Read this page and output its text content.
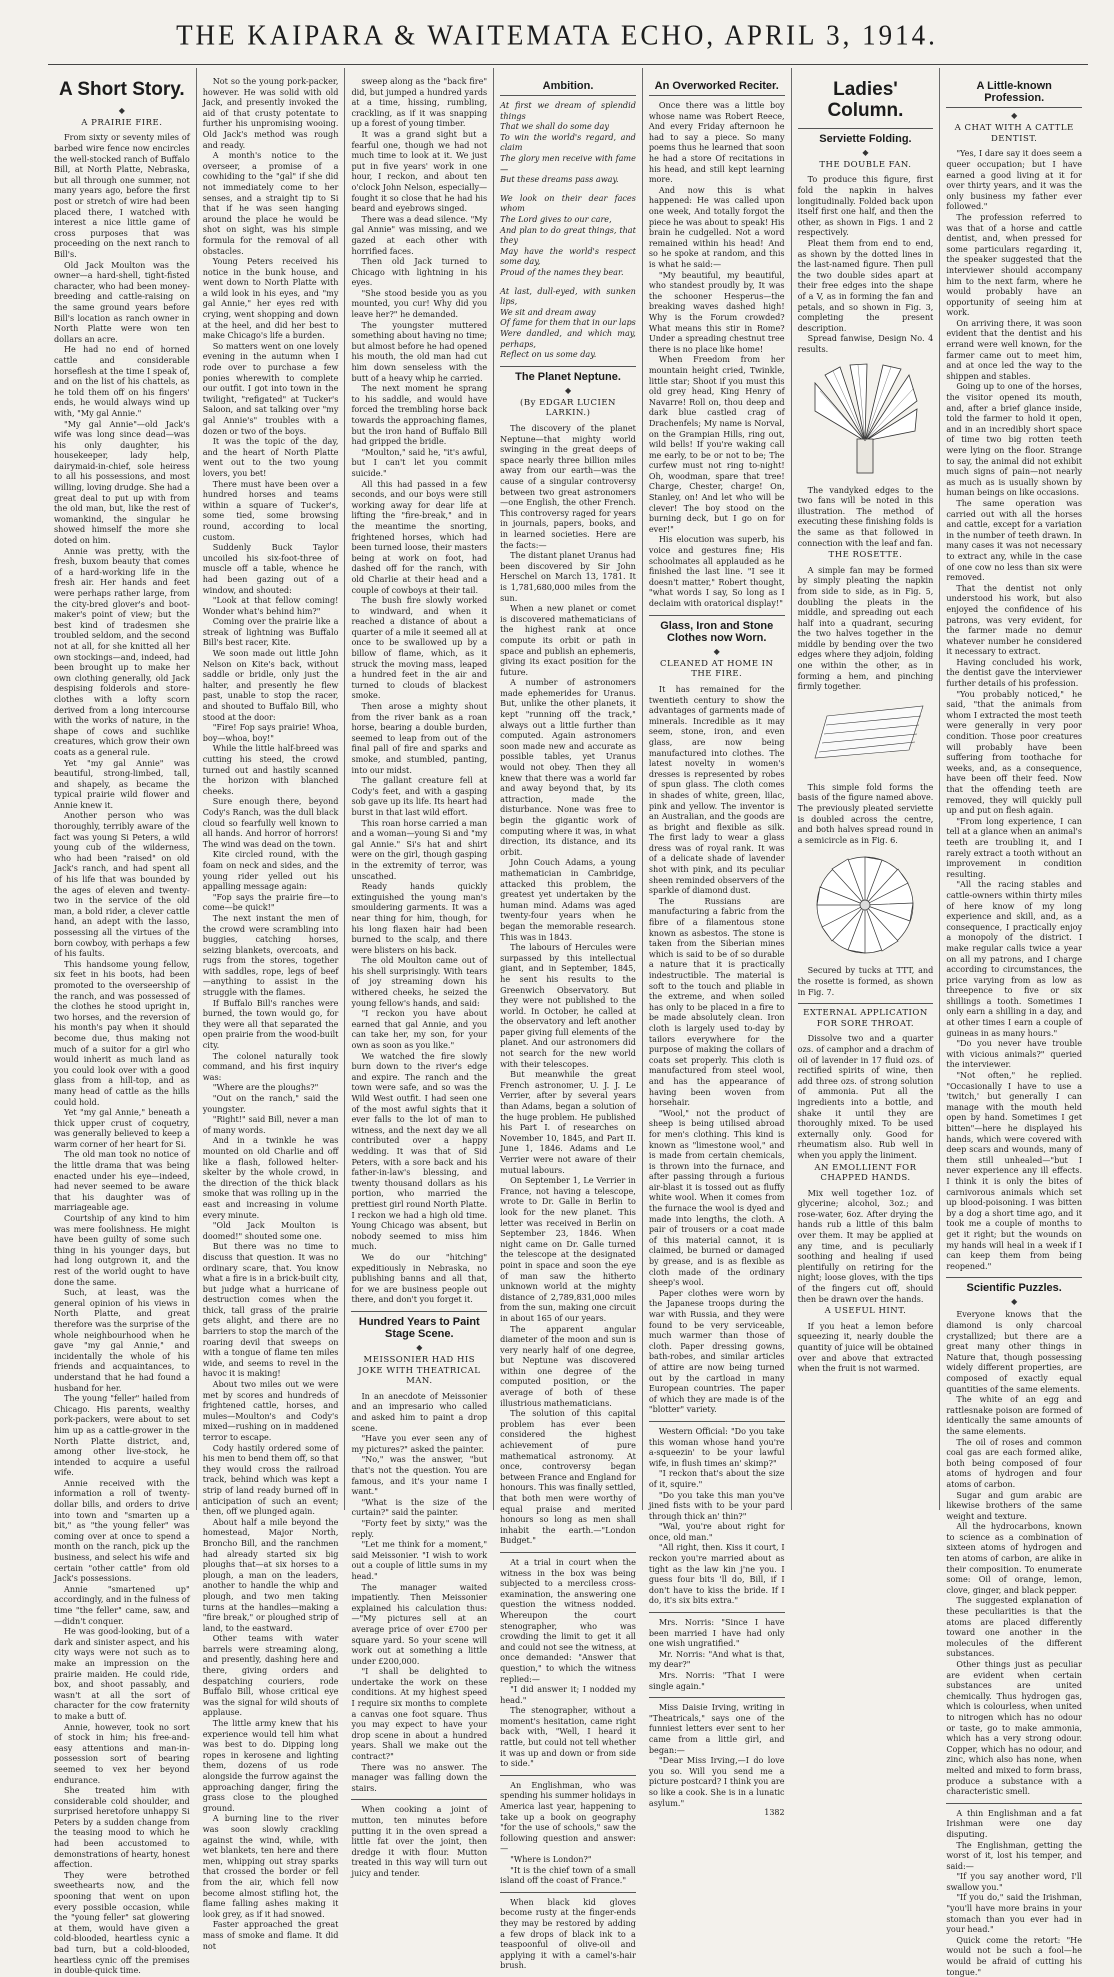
THE KAIPARA & WAITEMATA ECHO, APRIL 3, 1914.
A Short Story.
◆
A PRAIRIE FIRE.

From sixty or seventy miles of barbed wire fence now encircles the well-stocked ranch of Buffalo Bill, at North Platte, Nebraska, but all through one summer, not many years ago, before the first post or stretch of wire had been placed there, I watched with interest a nice little game of cross purposes that was proceeding on the next ranch to Bill's.

Old Jack Moulton was the owner—a hard-shell, tight-fisted character, who had been money-breeding and cattle-raising on the same ground years before Bill's location as ranch owner in North Platte were won ten dollars an acre.

He had no end of horned cattle and considerable horseflesh at the time I speak of, and on the list of his chattels, as he told them off on his fingers' ends, he would always wind up with, "My gal Annie."

"My gal Annie"—old Jack's wife was long since dead—was his only daughter, his housekeeper, lady help, dairymaid-in-chief, sole heiress to all his possessions, and most willing, loving drudge. She had a great deal to put up with from the old man, but, like the rest of womankind, the singular he showed himself the more she doted on him.

Annie was pretty, with the fresh, buxom beauty that comes of a hard-working life in the fresh air. Her hands and feet were perhaps rather large, from the city-bred glover's and boot-maker's point of view; but the best kind of tradesmen she troubled seldom, and the second not at all, for she knitted all her own stockings—and, indeed, had been brought up to make her own clothing generally, old Jack despising folderols and store-clothes with a lofty scorn derived from a long intercourse with the works of nature, in the shape of cows and suchlike creatures, which grow their own coats as a general rule.

Yet "my gal Annie" was beautiful, strong-limbed, tall, and shapely, as became the typical prairie wild flower and Annie knew it.

Another person who was thoroughly, terribly aware of the fact was young Si Peters, a wild young cub of the wilderness, who had been "raised" on old Jack's ranch, and had spent all of his life that was bounded by the ages of eleven and twenty-two in the service of the old man, a bold rider, a clever cattle hand, an adept with the lasso, possessing all the virtues of the born cowboy, with perhaps a few of his faults.

This handsome young fellow, six feet in his boots, had been promoted to the overseership of the ranch, and was possessed of the clothes he stood upright in, two horses, and the reversion of his month's pay when it should become due, thus making not much of a suitor for a girl who would inherit as much land as you could look over with a good glass from a hill-top, and as many head of cattle as the hills could hold.

Yet "my gal Annie," beneath a thick upper crust of coquetry, was generally believed to keep a warm corner of her heart for Si.

The old man took no notice of the little drama that was being enacted under his eye—indeed, had never seemed to be aware that his daughter was of marriageable age.

Courtship of any kind to him was mere foolishness. He might have been guilty of some such thing in his younger days, but had long outgrown it, and the rest of the world ought to have done the same.

Such, at least, was the general opinion of his views in North Platte, and great therefore was the surprise of the whole neighbourhood when he gave "my gal Annie," and incidentally the whole of his friends and acquaintances, to understand that he had found a husband for her.

The young "feller" hailed from Chicago. His parents, wealthy pork-packers, were about to set him up as a cattle-grower in the North Platte district, and, among other live-stock, he intended to acquire a useful wife.

Annie received with the information a roll of twenty-dollar bills, and orders to drive into town and "smarten up a bit," as "the young feller" was coming over at once to spend a month on the ranch, pick up the business, and select his wife and certain "other cattle" from old Jack's possessions.

Annie "smartened up" accordingly, and in the fulness of time "the feller" came, saw, and—didn't conquer.

He was good-looking, but of a dark and sinister aspect, and his city ways were not such as to make an impression on the prairie maiden. He could ride, box, and shoot passably, and wasn't at all the sort of character for the cow fraternity to make a butt of.

Annie, however, took no sort of stock in him; his free-and-easy attentions and man-in-possession sort of bearing seemed to vex her beyond endurance.

She treated him with considerable cold shoulder, and surprised heretofore unhappy Si Peters by a sudden change from the teasing mood to which he had been accustomed to demonstrations of hearty, honest affection.

They were betrothed sweethearts now, and the spooning that went on upon every possible occasion, while the "young feller" sat glowering at them, would have given a cold-blooded, heartless cynic a bad turn, but a cold-blooded, heartless cynic off the premises in double-quick time.

Not so the young pork-packer, however. He was solid with old Jack, and presently invoked the aid of that crusty potentate to further his unpromising wooing. Old Jack's method was rough and ready.

A month's notice to the overseer, a promise of a cowhiding to the "gal" if she did not immediately come to her senses, and a straight tip to Si that if he was seen hanging around the place he would be shot on sight, was his simple formula for the removal of all obstacles.

Young Peters received his notice in the bunk house, and went down to North Platte with a wild look in his eyes, and "my gal Annie," her eyes red with crying, went shopping and down at the heel, and did her best to make Chicago's life a burden.

So matters went on one lovely evening in the autumn when I rode over to purchase a few ponies wherewith to complete our outfit. I got into town in the twilight, "refigated" at Tucker's Saloon, and sat talking over "my gal Annie's" troubles with a dozen or two of the boys.

It was the topic of the day, and the heart of North Platte went out to the two young lovers, you bet!

There must have been over a hundred horses and teams within a square of Tucker's, some tied, some browsing round, according to local custom.

Suddenly Buck Taylor uncoiled his six-foot-three of muscle off a table, whence he had been gazing out of a window, and shouted:

"Look at that fellow coming! Wonder what's behind him?"

Coming over the prairie like a streak of lightning was Buffalo Bill's best racer, Kite.

We soon made out little John Nelson on Kite's back, without saddle or bridle, only just the halter, and presently he flew past, unable to stop the racer, and shouted to Buffalo Bill, who stood at the door:

"Fire! Fop says prairie! Whoa, boy—whoa, boy!"

While the little half-breed was cutting his steed, the crowd turned out and hastily scanned the horizon with blanched cheeks.

Sure enough there, beyond Cody's Ranch, was the dull black cloud so fearfully well known to all hands. And horror of horrors! The wind was dead on the town.

Kite circled round, with the foam on neck and sides, and the young rider yelled out his appalling message again:

"Fop says the prairie fire—to come—be quick!"

The next instant the men of the crowd were scrambling into buggies, catching horses, seizing blankets, overcoats, and rugs from the stores, together with saddles, rope, legs of beef—anything to assist in the struggle with the flames.

If Buffalo Bill's ranches were burned, the town would go, for they were all that separated the open prairie from the wood-built city.

The colonel naturally took command, and his first inquiry was:

"Where are the ploughs?"

"Out on the ranch," said the youngster.

"Right!" said Bill, never a man of many words.

And in a twinkle he was mounted on old Charlie and off like a flash, followed helter-skelter by the whole crowd, in the direction of the thick black smoke that was rolling up in the east and increasing in volume every minute.

"Old Jack Moulton is doomed!" shouted some one.

But there was no time to discuss that question. It was no ordinary scare, that. You know what a fire is in a brick-built city, but judge what a hurricane of destruction comes when the thick, tall grass of the prairie gets alight, and there are no barriers to stop the march of the roaring devil that sweeps on with a tongue of flame ten miles wide, and seems to revel in the havoc it is making!

About two miles out we were met by scores and hundreds of frightened cattle, horses, and mules—Moulton's and Cody's mixed—rushing on in maddened terror to escape.

Cody hastily ordered some of his men to bend them off, so that they would cross the railroad track, behind which was kept a strip of land ready burned off in anticipation of such an event; then, off we plunged again.

About half a mile beyond the homestead, Major North, Broncho Bill, and the ranchmen had already started six big ploughs that—at six horses to a plough, a man on the leaders, another to handle the whip and plough, and two men taking turns at the handles—making a "fire break," or ploughed strip of land, to the eastward.

Other teams with water barrels were streaming along, and presently, dashing here and there, giving orders and despatching couriers, rode Buffalo Bill, whose critical eye was the signal for wild shouts of applause.

The little army knew that his experience would tell him what was best to do. Dipping long ropes in kerosene and lighting them, dozens of us rode alongside the furrow against the approaching danger, firing the grass close to the ploughed ground.

A burning line to the river was soon slowly crackling against the wind, while, with wet blankets, ten here and there men, whipping out stray sparks that crossed the border or fell from the air, which fell now become almost stifling hot, the flame falling ashes making it look grey, as if it had snowed.

Faster approached the great mass of smoke and flame. It did not

sweep along as the "back fire" did, but jumped a hundred yards at a time, hissing, rumbling, crackling, as if it was snapping up a forest of young timber.

It was a grand sight but a fearful one, though we had not much time to look at it. We just put in five years' work in one hour, I reckon, and about ten o'clock John Nelson, especially—fought it so close that he had his beard and eyebrows singed.

There was a dead silence. "My gal Annie" was missing, and we gazed at each other with horrified faces.

Then old Jack turned to Chicago with lightning in his eyes.

"She stood beside you as you mounted, you cur! Why did you leave her?" he demanded.

The youngster muttered something about having no time; but almost before he had opened his mouth, the old man had cut him down senseless with the butt of a heavy whip he carried.

The next moment he sprang to his saddle, and would have forced the trembling horse back towards the approaching flames, but the iron hand of Buffalo Bill had gripped the bridle.

"Moulton," said he, "it's awful, but I can't let you commit suicide."

All this had passed in a few seconds, and our boys were still working away for dear life at lifting the "fire-break," and in the meantime the snorting, frightened horses, which had been turned loose, their masters being at work on foot, had dashed off for the ranch, with old Charlie at their head and a couple of cowboys at their tail.

The bush fire slowly worked to windward, and when it reached a distance of about a quarter of a mile it seemed all at once to be swallowed up by a billow of flame, which, as it struck the moving mass, leaped a hundred feet in the air and turned to clouds of blackest smoke.

Then arose a mighty shout from the river bank as a roan horse, bearing a double burden, seemed to leap from out of the final pall of fire and sparks and smoke, and stumbled, panting, into our midst.

The gallant creature fell at Cody's feet, and with a gasping sob gave up its life. Its heart had burst in that last wild effort.

This roan horse carried a man and a woman—young Si and "my gal Annie." Si's hat and shirt were on the girl, though gasping in the extremity of terror, was unscathed.

Ready hands quickly extinguished the young man's smouldering garments. It was a near thing for him, though, for his long flaxen hair had been burned to the scalp, and there were blisters on his back.

The old Moulton came out of his shell surprisingly. With tears of joy streaming down his withered cheeks, he seized the young fellow's hands, and said:

"I reckon you have about earned that gal Annie, and you can take her, my son, for your own as soon as you like."

We watched the fire slowly burn down to the river's edge and expire. The ranch and the town were safe, and so was the Wild West outfit. I had seen one of the most awful sights that it ever falls to the lot of man to witness, and the next day we all contributed over a happy wedding. It was that of Sid Peters, with a sore back and his father-in-law's blessing, and twenty thousand dollars as his portion, who married the prettiest girl round North Platte. I reckon we had a high old time. Young Chicago was absent, but nobody seemed to miss him much.

We do our "hitching" expeditiously in Nebraska, no publishing banns and all that, for we are business people out there, and don't you forget it.

Hundred Years to Paint Stage Scene.
◆
MEISSONIER HAD HIS JOKE WITH THEATRICAL MAN.

In an anecdote of Meissonier and an impresario who called and asked him to paint a drop scene.

"Have you ever seen any of my pictures?" asked the painter.

"No," was the answer, "but that's not the question. You are famous, and it's your name I want."

"What is the size of the curtain?" said the painter.

"Forty feet by sixty," was the reply.

"Let me think for a moment," said Meissonier. "I wish to work out a couple of little sums in my head."

The manager waited impatiently. Then Meissonier explained his calculation thus:—"My pictures sell at an average price of over £700 per square yard. So your scene will work out at something a little under £200,000.

"I shall be delighted to undertake the work on these conditions. At my highest speed I require six months to complete a canvas one foot square. Thus you may expect to have your drop scene in about a hundred years. Shall we make out the contract?"

There was no answer. The manager was falling down the stairs.

When cooking a joint of mutton, ten minutes before putting it in the oven spread a little fat over the joint, then dredge it with flour. Mutton treated in this way will turn out juicy and tender.

Ambition.

At first we dream of splendid things
That we shall do some day
To win the world's regard, and claim
The glory men receive with fame—
But these dreams pass away.

We look on their dear faces whom
The Lord gives to our care,
And plan to do great things, that they
May have the world's respect some day,
Proud of the names they bear.

At last, dull-eyed, with sunken lips,
We sit and dream away
Of fame for them that in our laps
Were dandled, and which may, perhaps,
Reflect on us some day.

The Planet Neptune.
◆
(By EDGAR LUCIEN LARKIN.)

The discovery of the planet Neptune—that mighty world swinging in the great deeps of space nearly three billion miles away from our earth—was the cause of a singular controversy between two great astronomers—one English, the other French. This controversy raged for years in journals, papers, books, and in learned societies. Here are the facts:—

The distant planet Uranus had been discovered by Sir John Herschel on March 13, 1781. It is 1,781,680,000 miles from the sun.

When a new planet or comet is discovered mathematicians of the highest rank at once compute its orbit or path in space and publish an ephemeris, giving its exact position for the future.

A number of astronomers made ephemerides for Uranus. But, unlike the other planets, it kept "running off the track," always out a little further than computed. Again astronomers soon made new and accurate as possible tables, yet Uranus would not obey. Then they all knew that there was a world far and away beyond that, by its attraction, made the disturbance. None was free to begin the gigantic work of computing where it was, in what direction, its distance, and its orbit.

John Couch Adams, a young mathematician in Cambridge, attacked this problem, the greatest yet undertaken by the human mind. Adams was aged twenty-four years when he began the memorable research. This was in 1843.

The labours of Hercules were surpassed by this intellectual giant, and in September, 1845, he sent his results to the Greenwich Observatory. But they were not published to the world. In October, he called at the observatory and left another paper giving full elements of the planet. And our astronomers did not search for the new world with their telescopes.

But meanwhile the great French astronomer, U. J. J. Le Verrier, after by several years than Adams, began a solution of the huge problem. He published his Part I. of researches on November 10, 1845, and Part II. June 1, 1846. Adams and Le Verrier were not aware of their mutual labours.

On September 1, Le Verrier in France, not having a telescope, wrote to Dr. Galle in Berlin to look for the new planet. This letter was received in Berlin on September 23, 1846. When night came on Dr. Galle turned the telescope at the designated point in space and soon the eye of man saw the hitherto unknown world at the mighty distance of 2,789,831,000 miles from the sun, making one circuit in about 165 of our years.

The apparent angular diameter of the moon and sun is very nearly half of one degree, but Neptune was discovered within one degree of the computed position, or the average of both of these illustrious mathematicians.

The solution of this capital problem has ever been considered the highest achievement of pure mathematical astronomy. At once, controversy began between France and England for honours. This was finally settled, that both men were worthy of equal praise and merited honours so long as men shall inhabit the earth.—"London Budget."

At a trial in court when the witness in the box was being subjected to a merciless cross-examination, the answering one question the witness nodded. Whereupon the court stenographer, who was crowding the limit to get it all and could not see the witness, at once demanded: "Answer that question," to which the witness replied:—

"I did answer it; I nodded my head."

The stenographer, without a moment's hesitation, came right back with, "Well, I heard it rattle, but could not tell whether it was up and down or from side to side."

An Englishman, who was spending his summer holidays in America last year, happening to take up a book on geography "for the use of schools," saw the following question and answer:—

"Where is London?"

"It is the chief town of a small island off the coast of France."

When black kid gloves become rusty at the finger-ends they may be restored by adding a few drops of black ink to a teaspoonful of olive-oil and applying it with a camel's-hair brush.

An Overworked Reciter.

Once there was a little boy whose name was Robert Reece, And every Friday afternoon he had to say a piece. So many poems thus he learned that soon he had a store Of recitations in his head, and still kept learning more.

And now this is what happened: He was called upon one week, And totally forgot the piece he was about to speak! His brain he cudgelled. Not a word remained within his head! And so he spoke at random, and this is what he said:—

"My beautiful, my beautiful, who standest proudly by, It was the schooner Hesperus—the breaking waves dashed high! Why is the Forum crowded? What means this stir in Rome? Under a spreading chestnut tree there is no place like home!

When Freedom from her mountain height cried, Twinkle, little star; Shoot if you must this old grey head, King Henry of Navarre! Roll on, thou deep and dark blue castled crag of Drachenfels; My name is Norval, on the Grampian Hills, ring out, wild bells! If you're waking call me early, to be or not to be; The curfew must not ring to-night! Oh, woodman, spare that tree! Charge, Chester, charge! On, Stanley, on! And let who will be clever! The boy stood on the burning deck, but I go on for ever!"

His elocution was superb, his voice and gestures fine; His schoolmates all applauded as he finished the last line. "I see it doesn't matter," Robert thought, "what words I say, So long as I declaim with oratorical display!"

Glass, Iron and Stone Clothes now Worn.
◆
CLEANED AT HOME IN THE FIRE.

It has remained for the twentieth century to show the advantages of garments made of minerals. Incredible as it may seem, stone, iron, and even glass, are now being manufactured into clothes. The latest novelty in women's dresses is represented by robes of spun glass. The cloth comes in shades of white, green, lilac, pink and yellow. The inventor is an Australian, and the goods are as bright and flexible as silk. The first lady to wear a glass dress was of royal rank. It was of a delicate shade of lavender shot with pink, and its peculiar sheen reminded observers of the sparkle of diamond dust.

The Russians are manufacturing a fabric from the fibre of a filamentous stone known as asbestos. The stone is taken from the Siberian mines which is said to be of so durable a nature that it is practically indestructible. The material is soft to the touch and pliable in the extreme, and when soiled has only to be placed in a fire to be made absolutely clean. Iron cloth is largely used to-day by tailors everywhere for the purpose of making the collars of coats set properly. This cloth is manufactured from steel wool, and has the appearance of having been woven from horsehair.

"Wool," not the product of sheep is being utilised abroad for men's clothing. This kind is known as "limestone wool," and is made from certain chemicals, is thrown into the furnace, and after passing through a furious air-blast it is tossed out as fluffy white wool. When it comes from the furnace the wool is dyed and made into lengths, the cloth. A pair of trousers or a coat made of this material cannot, it is claimed, be burned or damaged by grease, and is as flexible as cloth made of the ordinary sheep's wool.

Paper clothes were worn by the Japanese troops during the war with Russia, and they were found to be very serviceable, much warmer than those of cloth. Paper dressing gowns, bath-robes, and similar articles of attire are now being turned out by the cartload in many European countries. The paper of which they are made is of the "blotter" variety.

Western Official: "Do you take this woman whose hand you're a-squeezin' to be your lawful wife, in flush times an' skimp?"

"I reckon that's about the size of it, squire."

"Do you take this man you've jined fists with to be your pard through thick an' thin?"

"Wal, you're about right for once, old man."

"All right, then. Kiss it court, I reckon you're married about as tight as the law kin j'ne you. I guess four bits 'll do, Bill, if I don't have to kiss the bride. If I do, it's six bits extra."

Mrs. Norris: "Since I have been married I have had only one wish ungratified."

Mr. Norris: "And what is that, my dear?"

Mrs. Norris: "That I were single again."

Miss Daisie Irving, writing in "Theatricals," says one of the funniest letters ever sent to her came from a little girl, and began:—

"Dear Miss Irving,—I do love you so. Will you send me a picture postcard? I think you are so like a cook. She is in a lunatic asylum."

1382
Ladies' Column.
Serviette Folding.
◆
THE DOUBLE FAN.

To produce this figure, first fold the napkin in halves longitudinally. Folded back upon itself first one half, and then the other, as shown in Figs. 1 and 2 respectively.

Pleat them from end to end, as shown by the dotted lines in the last-named figure. Then pull the two double sides apart at their free edges into the shape of a V, as in forming the fan and petals, and so shown in Fig. 3, completing the present description.

Spread fanwise, Design No. 4 results.

The vandyked edges to the two fans will be noted in this illustration. The method of executing these finishing folds is the same as that followed in connection with the leaf and fan.

THE ROSETTE.

A simple fan may be formed by simply pleating the napkin from side to side, as in Fig. 5, doubling the pleats in the middle, and spreading out each half into a quadrant, securing the two halves together in the middle by bending over the two edges where they adjoin, folding one within the other, as in forming a hem, and pinching firmly together.

This simple fold forms the basis of the figure named above. The previously pleated serviette is doubled across the centre, and both halves spread round in a semicircle as in Fig. 6.

Secured by tucks at TTT, and the rosette is formed, as shown in Fig. 7.

EXTERNAL APPLICATION FOR SORE THROAT.

Dissolve two and a quarter ozs. of camphor and a drachm of oil of lavender in 17 fluid ozs. of rectified spirits of wine, then add three ozs. of strong solution of ammonia. Put all the ingredients into a bottle, and shake it until they are thoroughly mixed. To be used externally only. Good for rheumatism also. Rub well in when you apply the liniment.

AN EMOLLIENT FOR CHAPPED HANDS.

Mix well together 1oz. of glycerine; alcohol, 3oz.; and rose-water, 6oz. After drying the hands rub a little of this balm over them. It may be applied at any time, and is peculiarly soothing and healing if used plentifully on retiring for the night; loose gloves, with the tips of the fingers cut off, should then be drawn over the hands.

A USEFUL HINT.

If you heat a lemon before squeezing it, nearly double the quantity of juice will be obtained over and above that extracted when the fruit is not warmed.

A Little-known Profession.
◆
A CHAT WITH A CATTLE DENTIST.

"Yes, I dare say it does seem a queer occupation; but I have earned a good living at it for over thirty years, and it was the only business my father ever followed."

The profession referred to was that of a horse and cattle dentist, and, when pressed for some particulars regarding it, the speaker suggested that the interviewer should accompany him to the next farm, where he would probably have an opportunity of seeing him at work.

On arriving there, it was soon evident that the dentist and his errand were well known, for the farmer came out to meet him, and at once led the way to the shippen and stables.

Going up to one of the horses, the visitor opened its mouth, and, after a brief glance inside, told the farmer to hold it open, and in an incredibly short space of time two big rotten teeth were lying on the floor. Strange to say, the animal did not exhibit much signs of pain—not nearly as much as is usually shown by human beings on like occasions.

The same operation was carried out with all the horses and cattle, except for a variation in the number of teeth drawn. In many cases it was not necessary to extract any, while in the case of one cow no less than six were removed.

That the dentist not only understood his work, but also enjoyed the confidence of his patrons, was very evident, for the farmer made no demur whatever number he considered it necessary to extract.

Having concluded his work, the dentist gave the interviewer further details of his profession.

"You probably noticed," he said, "that the animals from whom I extracted the most teeth were generally in very poor condition. Those poor creatures will probably have been suffering from toothache for weeks, and, as a consequence, have been off their feed. Now that the offending teeth are removed, they will quickly pull up and put on flesh again.

"From long experience, I can tell at a glance when an animal's teeth are troubling it, and I rarely extract a tooth without an improvement in condition resulting.

"All the racing stables and cattle-owners within thirty miles of here know of my long experience and skill, and, as a consequence, I practically enjoy a monopoly of the district. I make regular calls twice a year on all my patrons, and I charge according to circumstances, the price varying from as low as threepence to five or six shillings a tooth. Sometimes I only earn a shilling in a day, and at other times I earn a couple of guineas in as many hours."

"Do you never have trouble with vicious animals?" queried the interviewer.

"Not often," he replied. "Occasionally I have to use a 'twitch,' but generally I can manage with the mouth held open by hand. Sometimes I get bitten"—here he displayed his hands, which were covered with deep scars and wounds, many of them still unhealed—"but I never experience any ill effects. I think it is only the bites of carnivorous animals which set up blood-poisoning. I was bitten by a dog a short time ago, and it took me a couple of months to get it right; but the wounds on my hands will heal in a week if I can keep them from being reopened."

Scientific Puzzles.
◆

Everyone knows that the diamond is only charcoal crystallized; but there are a great many other things in Nature that, though possessing widely different properties, are composed of exactly equal quantities of the same elements.

The white of an egg and rattlesnake poison are formed of identically the same amounts of the same elements.

The oil of roses and common coal gas are each formed alike, both being composed of four atoms of hydrogen and four atoms of carbon.

Sugar and gum arabic are likewise brothers of the same weight and texture.

All the hydrocarbons, known to science as a combination of sixteen atoms of hydrogen and ten atoms of carbon, are alike in their composition. To enumerate some: Oil of orange, lemon, clove, ginger, and black pepper.

The suggested explanation of these peculiarities is that the atoms are placed differently toward one another in the molecules of the different substances.

Other things just as peculiar are evident when certain substances are united chemically. Thus hydrogen gas, which is colourless, when united to nitrogen which has no odour or taste, go to make ammonia, which has a very strong odour. Copper, which has no odour, and zinc, which also has none, when melted and mixed to form brass, produce a substance with a characteristic smell.

A thin Englishman and a fat Irishman were one day disputing.

The Englishman, getting the worst of it, lost his temper, and said:—

"If you say another word, I'll swallow you."

"If you do," said the Irishman, "you'll have more brains in your stomach than you ever had in your head."

Quick come the retort: "He would not be such a fool—he would be afraid of cutting his tongue."
